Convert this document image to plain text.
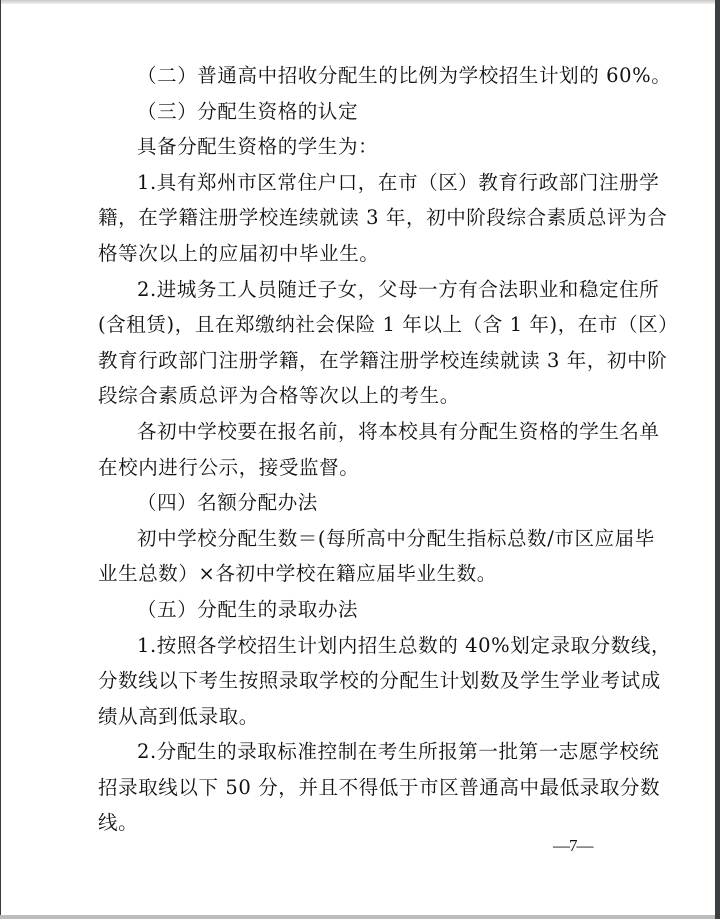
（二）普通高中招收分配生的比例为学校招生计划的 60%。

（三）分配生资格的认定

具备分配生资格的学生为：

1.具有郑州市区常住户口，在市（区）教育行政部门注册学
籍，在学籍注册学校连续就读 3 年，初中阶段综合素质总评为合
格等次以上的应届初中毕业生。

2.进城务工人员随迁子女，父母一方有合法职业和稳定住所
(含租赁)，且在郑缴纳社会保险 1 年以上（含 1 年)，在市（区）
教育行政部门注册学籍，在学籍注册学校连续就读 3 年，初中阶
段综合素质总评为合格等次以上的考生。

各初中学校要在报名前，将本校具有分配生资格的学生名单
在校内进行公示，接受监督。

（四）名额分配办法

初中学校分配生数＝(每所高中分配生指标总数/市区应届毕
业生总数）×各初中学校在籍应届毕业生数。

（五）分配生的录取办法

1.按照各学校招生计划内招生总数的 40%划定录取分数线，
分数线以下考生按照录取学校的分配生计划数及学生学业考试成
绩从高到低录取。

2.分配生的录取标准控制在考生所报第一批第一志愿学校统
招录取线以下 50 分，并且不得低于市区普通高中最低录取分数
线。

—7—
